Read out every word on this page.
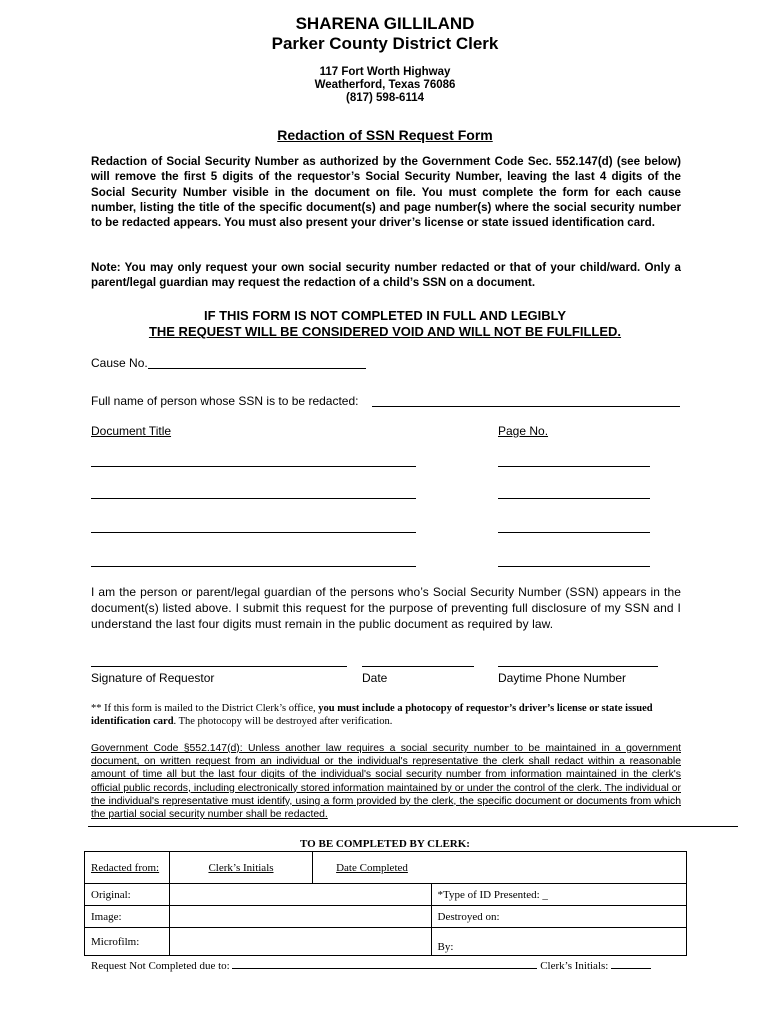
SHARENA GILLILAND
Parker County District Clerk
117 Fort Worth Highway
Weatherford, Texas 76086
(817) 598-6114
Redaction of SSN Request Form
Redaction of Social Security Number as authorized by the Government Code Sec. 552.147(d) (see below) will remove the first 5 digits of the requestor’s Social Security Number, leaving the last 4 digits of the Social Security Number visible in the document on file. You must complete the form for each cause number, listing the title of the specific document(s) and page number(s) where the social security number to be redacted appears. You must also present your driver’s license or state issued identification card.
Note: You may only request your own social security number redacted or that of your child/ward. Only a parent/legal guardian may request the redaction of a child’s SSN on a document.
IF THIS FORM IS NOT COMPLETED IN FULL AND LEGIBLY
THE REQUEST WILL BE CONSIDERED VOID AND WILL NOT BE FULFILLED.
Cause No.
Full name of person whose SSN is to be redacted:
Document Title	Page No.
I am the person or parent/legal guardian of the persons who’s Social Security Number (SSN) appears in the document(s) listed above. I submit this request for the purpose of preventing full disclosure of my SSN and I understand the last four digits must remain in the public document as required by law.
Signature of Requestor	Date	Daytime Phone Number
** If this form is mailed to the District Clerk’s office, you must include a photocopy of requestor’s driver’s license or state issued identification card. The photocopy will be destroyed after verification.
Government Code §552.147(d): Unless another law requires a social security number to be maintained in a government document, on written request from an individual or the individual's representative the clerk shall redact within a reasonable amount of time all but the last four digits of the individual's social security number from information maintained in the clerk's official public records, including electronically stored information maintained by or under the control of the clerk. The individual or the individual's representative must identify, using a form provided by the clerk, the specific document or documents from which the partial social security number shall be redacted.
TO BE COMPLETED BY CLERK:
Redacted from:	Clerk’s Initials	Date Completed	
Original:			*Type of ID Presented: _
Image:			Destroyed on:
Microfilm:			By:
Request Not Completed due to:	Clerk’s Initials:
